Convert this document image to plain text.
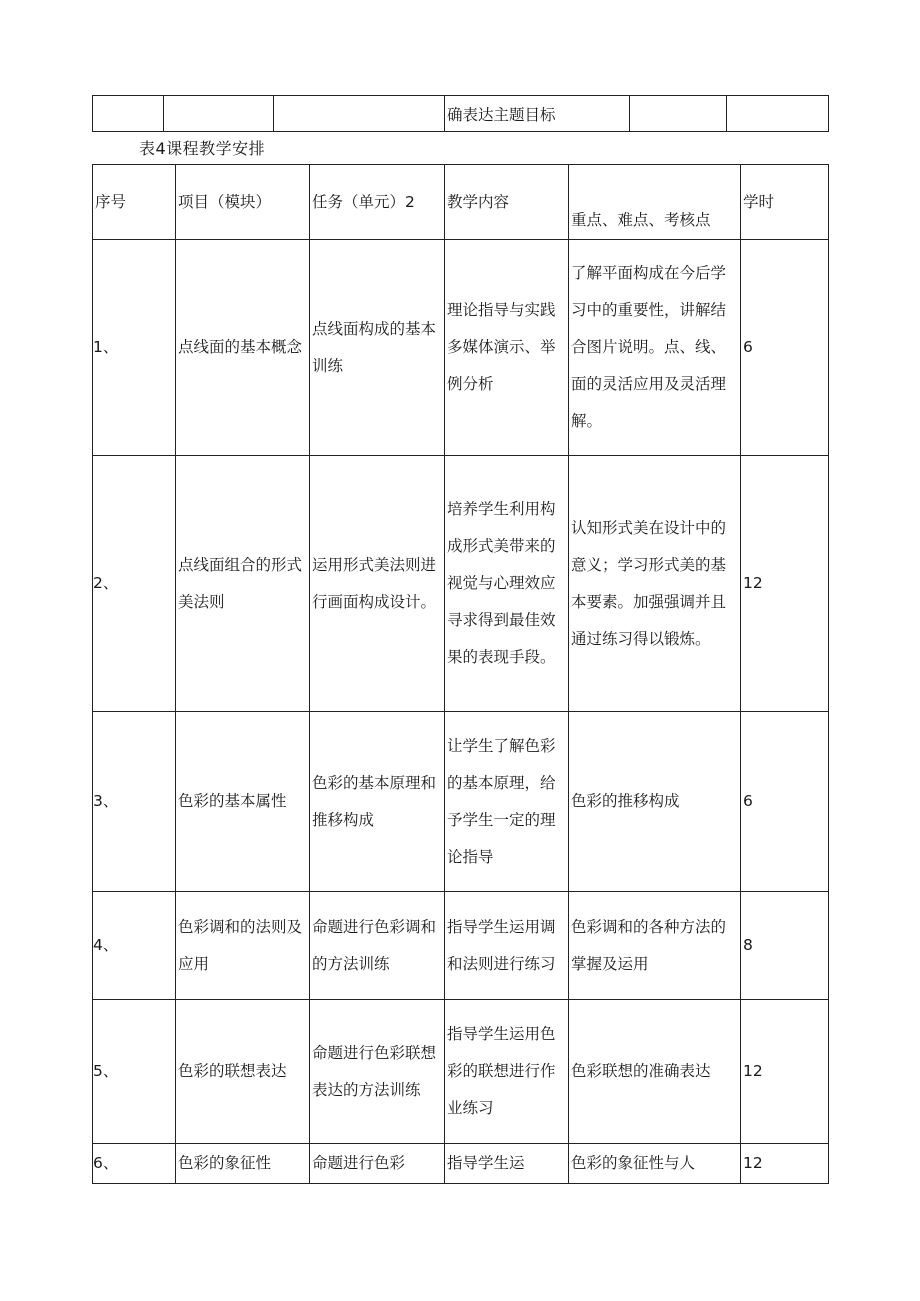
			确表达主题目标		
表4课程教学安排
序号	项目（模块）	任务（单元）2	教学内容	重点、难点、考核点	学时
1、	点线面的基本概念	点线面构成的基本训练	理论指导与实践多媒体演示、举例分析	了解平面构成在今后学习中的重要性，讲解结合图片说明。点、线、面的灵活应用及灵活理解。	6
2、	点线面组合的形式美法则	运用形式美法则进行画面构成设计。	培养学生利用构成形式美带来的视觉与心理效应寻求得到最佳效果的表现手段。	认知形式美在设计中的意义；学习形式美的基本要素。加强强调并且通过练习得以锻炼。	12
3、	色彩的基本属性	色彩的基本原理和推移构成	让学生了解色彩的基本原理，给予学生一定的理论指导	色彩的推移构成	6
4、	色彩调和的法则及应用	命题进行色彩调和的方法训练	指导学生运用调和法则进行练习	色彩调和的各种方法的掌握及运用	8
5、	色彩的联想表达	命题进行色彩联想表达的方法训练	指导学生运用色彩的联想进行作业练习	色彩联想的准确表达	12
6、	色彩的象征性	命题进行色彩	指导学生运	色彩的象征性与人	12
